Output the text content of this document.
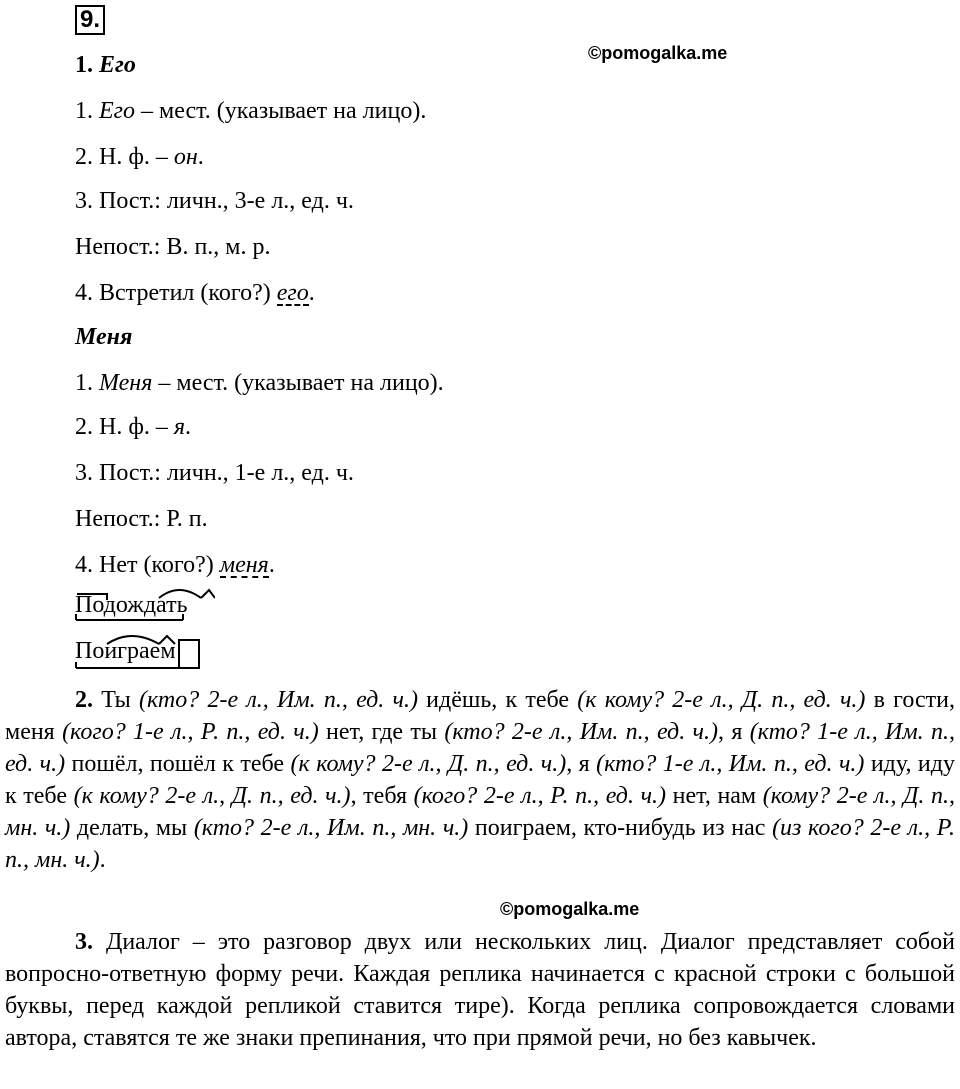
9.
©pomogalka.me
1. Его
1. Его – мест. (указывает на лицо).
2. Н. ф. – он.
3. Пост.: личн., 3-е л., ед. ч.
Непост.: В. п., м. р.
4. Встретил (кого?) его.
Меня
1. Меня – мест. (указывает на лицо).
2. Н. ф. – я.
3. Пост.: личн., 1-е л., ед. ч.
Непост.: Р. п.
4. Нет (кого?) меня.
Подождать
Поиграем

2. Ты (кто? 2-е л., Им. п., ед. ч.) идёшь, к тебе (к кому? 2-е л., Д. п., ед. ч.) в гости, меня (кого? 1-е л., Р. п., ед. ч.) нет, где ты (кто? 2-е л., Им. п., ед. ч.), я (кто? 1-е л., Им. п., ед. ч.) пошёл, пошёл к тебе (к кому? 2-е л., Д. п., ед. ч.), я (кто? 1-е л., Им. п., ед. ч.) иду, иду к тебе (к кому? 2-е л., Д. п., ед. ч.), тебя (кого? 2-е л., Р. п., ед. ч.) нет, нам (кому? 2-е л., Д. п., мн. ч.) делать, мы (кто? 2-е л., Им. п., мн. ч.) поиграем, кто-нибудь из нас (из кого? 2-е л., Р. п., мн. ч.).

©pomogalka.me

3. Диалог – это разговор двух или нескольких лиц. Диалог представляет собой вопросно-ответную форму речи. Каждая реплика начинается с красной строки с большой буквы, перед каждой репликой ставится тире). Когда реплика сопровождается словами автора, ставятся те же знаки препинания, что при прямой речи, но без кавычек.
